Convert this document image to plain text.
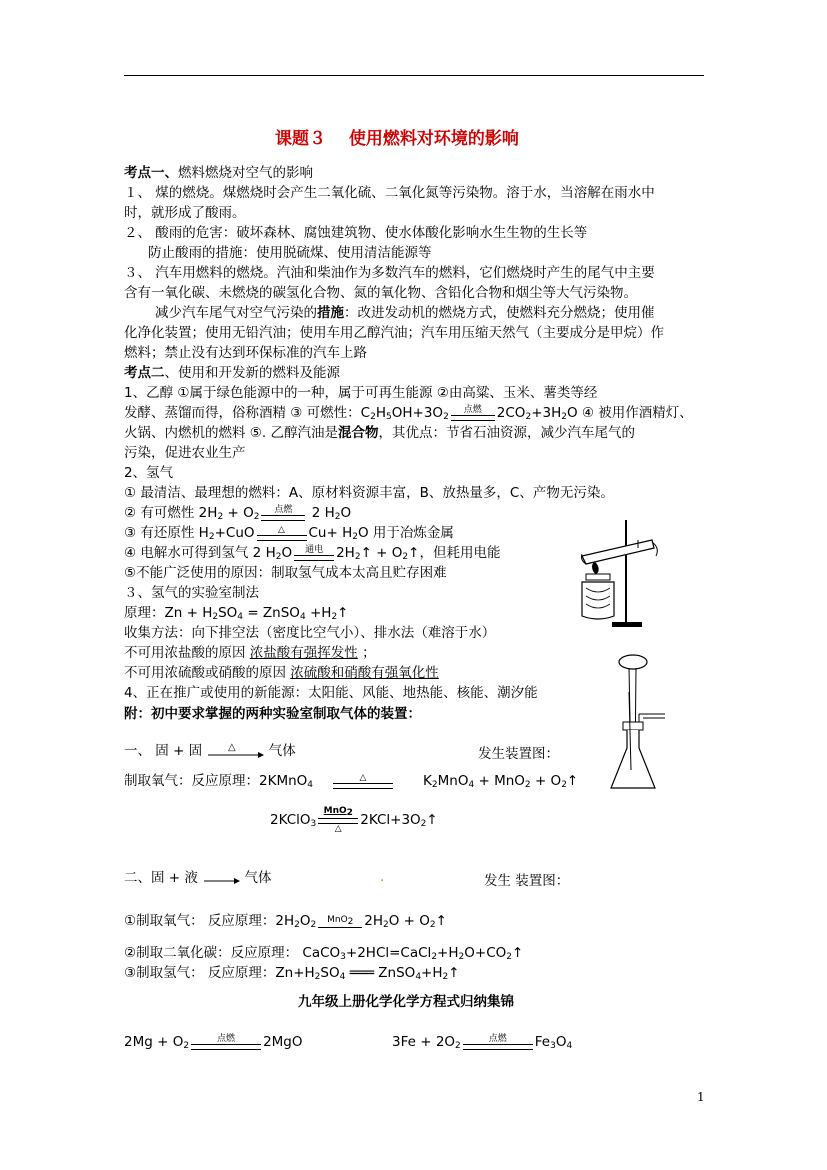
课题３　 使用燃料对环境的影响
考点一、燃料燃烧对空气的影响
１、 煤的燃烧。煤燃烧时会产生二氧化硫、二氧化氮等污染物。溶于水，当溶解在雨水中
时，就形成了酸雨。
２、 酸雨的危害：破坏森林、腐蚀建筑物、使水体酸化影响水生生物的生长等
防止酸雨的措施：使用脱硫煤、使用清洁能源等
３、 汽车用燃料的燃烧。汽油和柴油作为多数汽车的燃料，它们燃烧时产生的尾气中主要
含有一氧化碳、未燃烧的碳氢化合物、氮的氧化物、含铅化合物和烟尘等大气污染物。
减少汽车尾气对空气污染的措施：改进发动机的燃烧方式，使燃料充分燃烧；使用催
化净化装置；使用无铅汽油；使用车用乙醇汽油；汽车用压缩天然气（主要成分是甲烷）作
燃料；禁止没有达到环保标准的汽车上路
考点二、使用和开发新的燃料及能源
1、乙醇 ①属于绿色能源中的一种，属于可再生能源 ②由高粱、玉米、薯类等经
发酵、蒸馏而得，俗称酒精 ③ 可燃性：$C_2H_5OH+3O_2$
点燃	$2CO_2+3H_2O$ ④ 被用作酒精灯、
火锅、内燃机的燃料 ⑤. 乙醇汽油是混合物，其优点：节省石油资源，减少汽车尾气的
污染，促进农业生产
2、氢气
① 最清洁、最理想的燃料：A、原材料资源丰富，B、放热量多，C、产物无污染。
② 有可燃性 $2H_2 + O_2$
点燃	2 $H_2O$
③ 有还原性 $H_2+CuO$	△	$Cu+ H_2O$ 用于冶炼金属
④ 电解水可得到氢气 2 $H_2O$	通电 $2H_2↑$ + $O_2↑$，但耗用电能
⑤不能广泛使用的原因：制取氢气成本太高且贮存困难
３、氢气的实验室制法
原理：$Zn + H_2SO_4$ = ZnSO$_4$ $+H_2↑$
收集方法：向下排空法（密度比空气小）、排水法（难溶于水）
不可用浓盐酸的原因 浓盐酸有强挥发性 ；
不可用浓硫酸或硝酸的原因 浓硫酸和硝酸有强氧化性
4、正在推广或使用的新能源：太阳能、风能、地热能、核能、潮汐能
附：初中要求掌握的两种实验室制取气体的装置：
一、 固 + 固	△ 气体	发生装置图：
制取氧气：反应原理：2KMnO$_4$
△	$K_2MnO_4 + MnO_2$ + $O_2↑$
2KClO$_3$
MnO$_2$
△
$2KCl+3O_2↑$
二、固 + 液	气体	.	发生 装置图：
①制取氧气： 反应原理：$2H_2O_2$
MnO$_2$ $2H_2O$ + $O_2↑$
②制取二氧化碳：反应原理： $CaCO_3+2HCl=CaCl_2+H_2O+CO_2↑$
③制取氢气： 反应原理：$Zn+H_2SO_4$ ═══ $ZnSO_4+H_2↑$
九年级上册化学化学方程式归纳集锦
$2Mg + O_2$
点燃	2MgO	$3Fe + 2O_2$
点燃	$Fe_3O_4$
1
